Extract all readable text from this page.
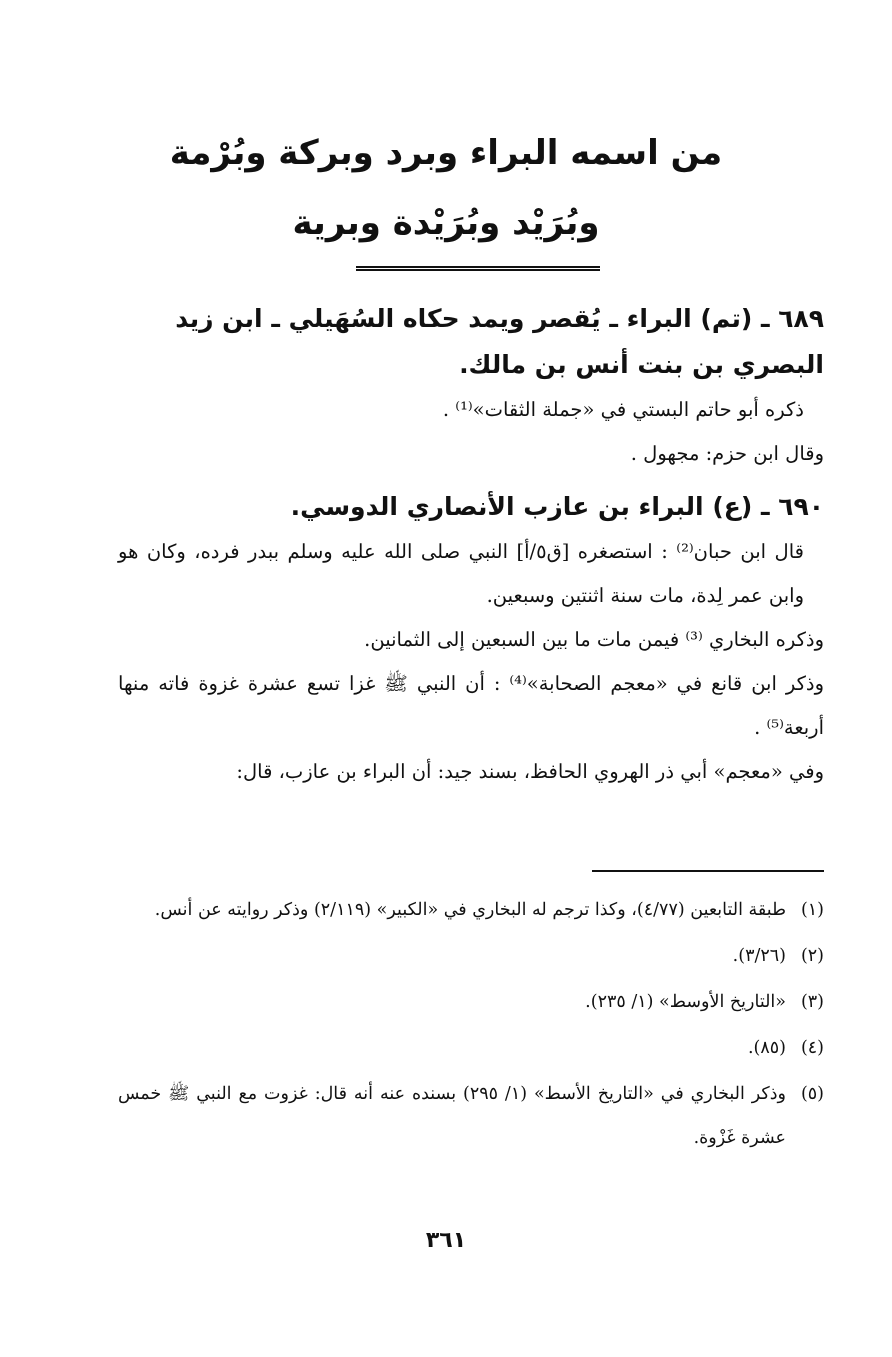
من اسمه البراء وبرد وبركة وبُرْمة
وبُرَيْد وبُرَيْدة وبرية

٦٨٩ ـ (تم) البراء ـ يُقصر ويمد حكاه السُهَيلي ـ ابن زيد البصري بن بنت أنس بن مالك.

ذكره أبو حاتم البستي في «جملة الثقات»⁽¹⁾ .

وقال ابن حزم: مجهول .

٦٩٠ ـ (ع) البراء بن عازب الأنصاري الدوسي.

قال ابن حبان⁽²⁾ : استصغره [ق٥/أ] النبي صلى الله عليه وسلم ببدر فرده، وكان هو وابن عمر لِدة، مات سنة اثنتين وسبعين.

وذكره البخاري ⁽³⁾ فيمن مات ما بين السبعين إلى الثمانين.

وذكر ابن قانع في «معجم الصحابة»⁽⁴⁾ : أن النبي ﷺ غزا تسع عشرة غزوة فاته منها أربعة⁽⁵⁾ .

وفي «معجم» أبي ذر الهروي الحافظ، بسند جيد: أن البراء بن عازب، قال:

(١)
طبقة التابعين (٤/٧٧)، وكذا ترجم له البخاري في «الكبير» (٢/١١٩) وذكر روايته عن أنس.
(٢)
(٣/٢٦).
(٣)
«التاريخ الأوسط» (١/ ٢٣٥).
(٤)
(٨٥).
(٥)
وذكر البخاري في «التاريخ الأسط» (١/ ٢٩٥) بسنده عنه أنه قال: غزوت مع النبي ﷺ خمس عشرة غَزْوة.
٣٦١
